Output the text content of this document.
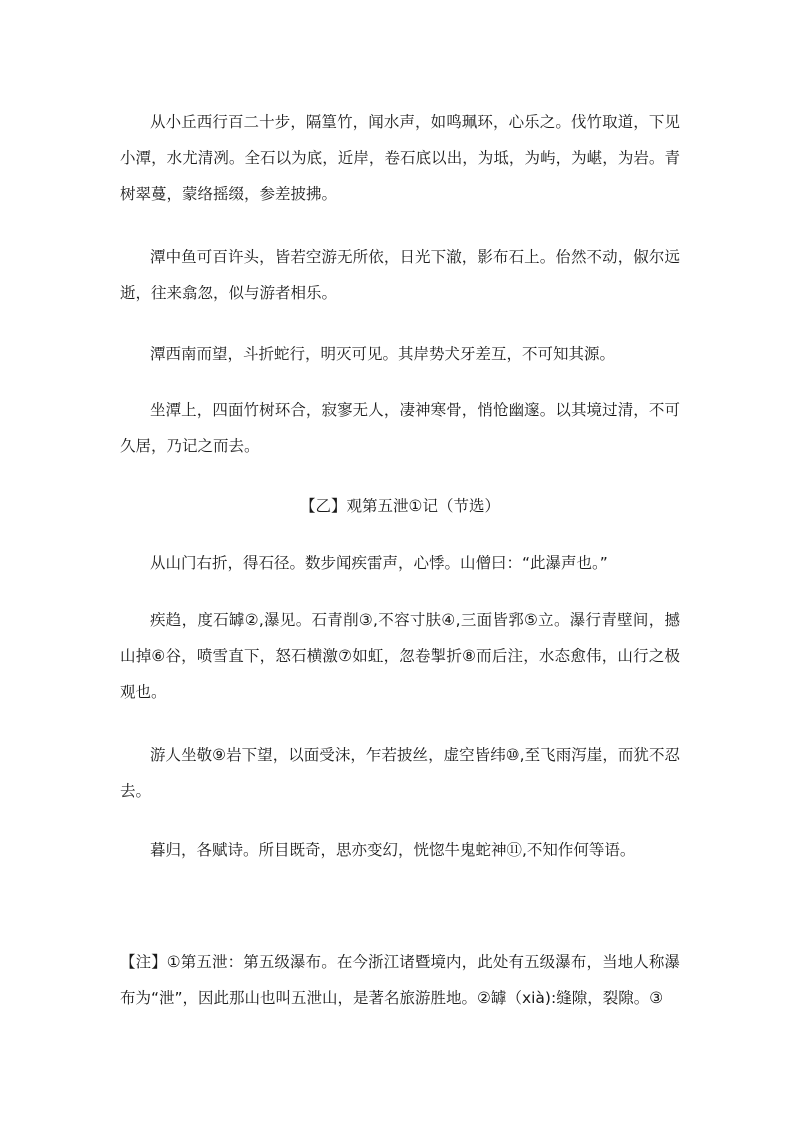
从小丘西行百二十步，隔篁竹，闻水声，如鸣珮环，心乐之。伐竹取道，下见小潭，水尤清冽。全石以为底，近岸，卷石底以出，为坻，为屿，为嵁，为岩。青树翠蔓，蒙络摇缀，参差披拂。

潭中鱼可百许头，皆若空游无所依，日光下澈，影布石上。佁然不动，俶尔远逝，往来翕忽，似与游者相乐。

潭西南而望，斗折蛇行，明灭可见。其岸势犬牙差互，不可知其源。

坐潭上，四面竹树环合，寂寥无人，凄神寒骨，悄怆幽邃。以其境过清，不可久居，乃记之而去。

【乙】观第五泄①记（节选）

从山门右折，得石径。数步闻疾雷声，心悸。山僧曰：“此瀑声也。”

疾趋，度石罅②,瀑见。石青削③,不容寸肤④,三面皆郛⑤立。瀑行青壁间，撼山掉⑥谷，喷雪直下，怒石横激⑦如虹，忽卷掣折⑧而后注，水态愈伟，山行之极观也。

游人坐敬⑨岩下望，以面受沫，乍若披丝，虚空皆纬⑩,至飞雨泻崖，而犹不忍去。

暮归，各赋诗。所目既奇，思亦变幻，恍惚牛鬼蛇神⑪,不知作何等语。

【注】①第五泄：第五级瀑布。在今浙江诸暨境内，此处有五级瀑布，当地人称瀑布为“泄”，因此那山也叫五泄山，是著名旅游胜地。②罅（xià):缝隙，裂隙。③
